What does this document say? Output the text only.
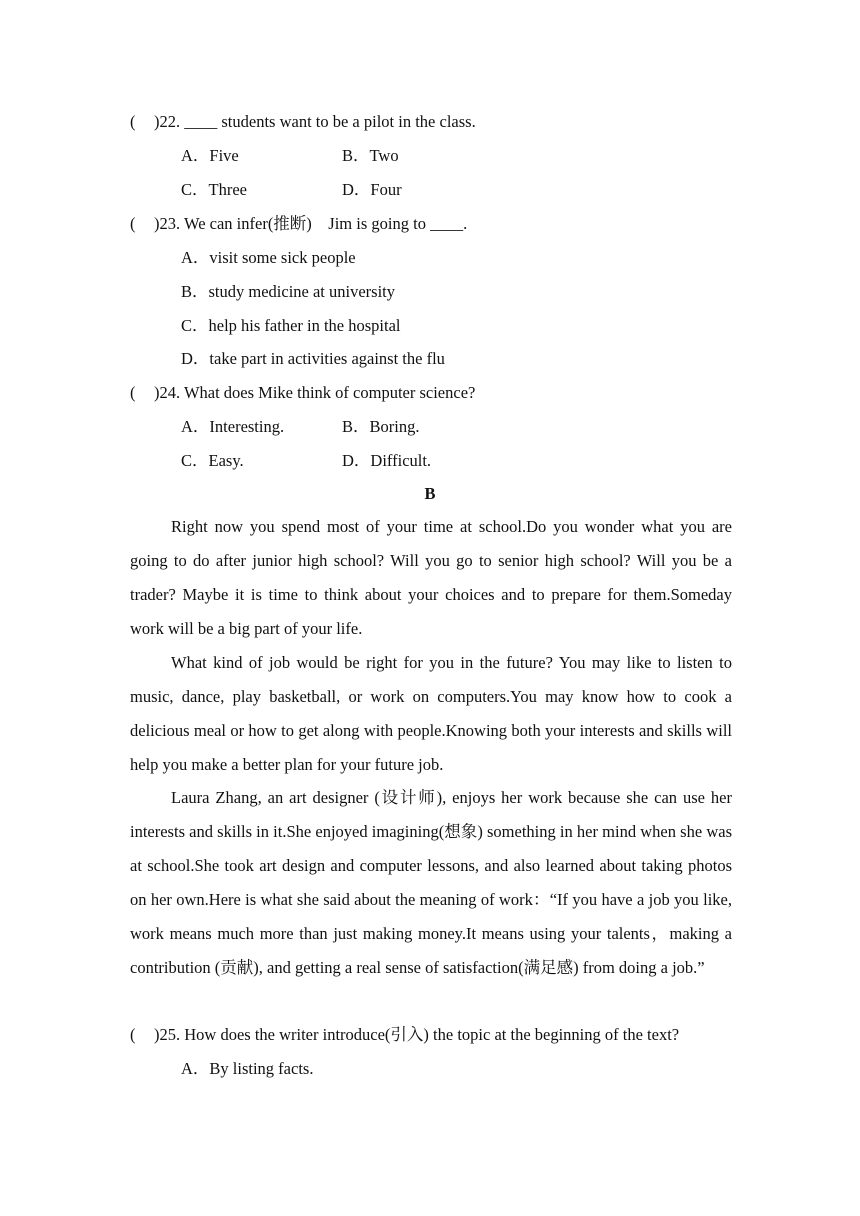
( )22. ____ students want to be a pilot in the class.
A．Five	B．Two
C．Three	D．Four
( )23. We can infer(推断)　Jim is going to ____.
A．visit some sick people
B．study medicine at university
C．help his father in the hospital
D．take part in activities against the flu
( )24. What does Mike think of computer science?
A．Interesting.	B．Boring.
C．Easy.	D．Difficult.
B
Right now you spend most of your time at school.Do you wonder what you are going to do after junior high school? Will you go to senior high school? Will you be a trader? Maybe it is time to think about your choices and to prepare for them.Someday work will be a big part of your life.
What kind of job would be right for you in the future? You may like to listen to music, dance, play basketball, or work on computers.You may know how to cook a delicious meal or how to get along with people.Knowing both your interests and skills will help you make a better plan for your future job.
Laura Zhang, an art designer (设计师), enjoys her work because she can use her interests and skills in it.She enjoyed imagining(想象) something in her mind when she was at school.She took art design and computer lessons, and also learned about taking photos on her own.Here is what she said about the meaning of work：“If you have a job you like, work means much more than just making money.It means using your talents，making a contribution (贡献), and getting a real sense of satisfaction(满足感) from doing a job.”
( )25. How does the writer introduce(引入) the topic at the beginning of the text?
A．By listing facts.
